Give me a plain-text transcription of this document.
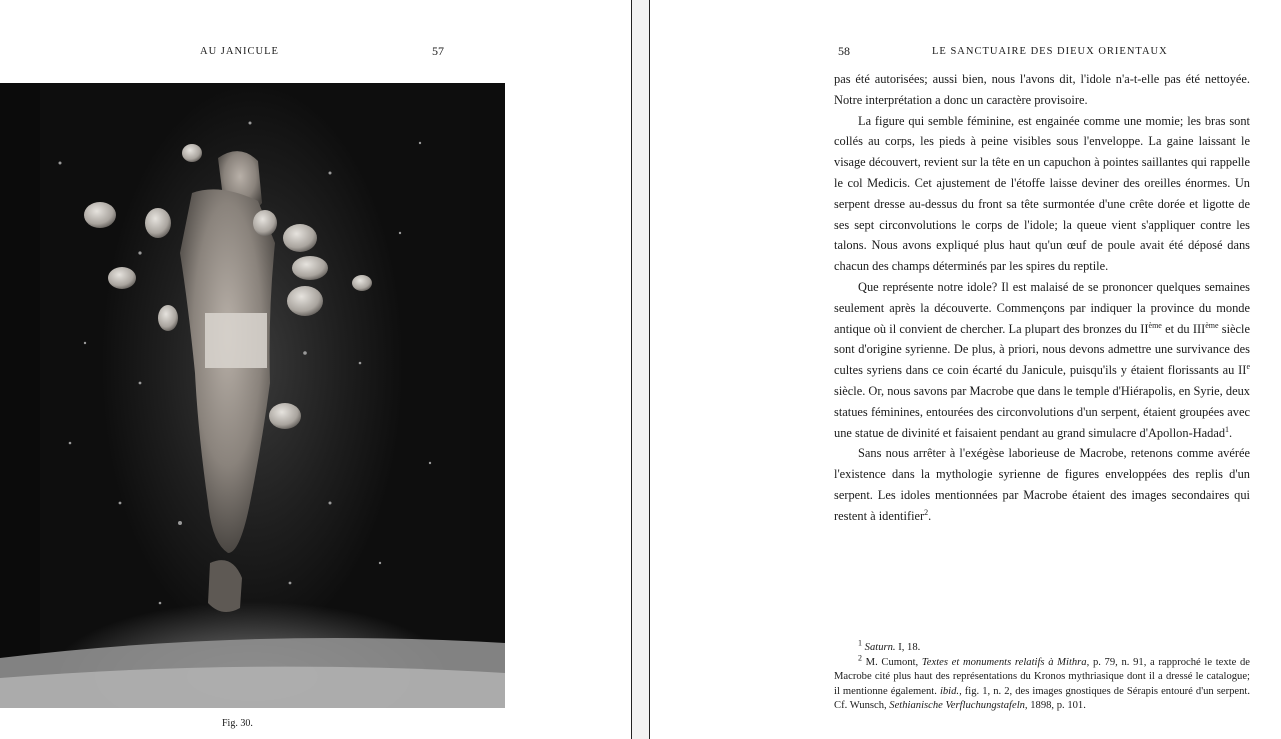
AU JANICULE	57
Fig. 30.
58	LE SANCTUAIRE DES DIEUX ORIENTAUX

pas été autorisées; aussi bien, nous l'avons dit, l'idole n'a-t-elle pas été nettoyée. Notre interprétation a donc un caractère provisoire.

La figure qui semble féminine, est engainée comme une momie; les bras sont collés au corps, les pieds à peine visibles sous l'enveloppe. La gaine laissant le visage découvert, revient sur la tête en un capuchon à pointes saillantes qui rappelle le col Medicis. Cet ajustement de l'étoffe laisse deviner des oreilles énormes. Un serpent dresse au-dessus du front sa tête surmontée d'une crête dorée et ligotte de ses sept circonvolutions le corps de l'idole; la queue vient s'appliquer contre les talons. Nous avons expliqué plus haut qu'un œuf de poule avait été déposé dans chacun des champs déterminés par les spires du reptile.

Que représente notre idole? Il est malaisé de se prononcer quelques semaines seulement après la découverte. Commençons par indiquer la province du monde antique où il convient de chercher. La plupart des bronzes du IIème et du IIIème siècle sont d'origine syrienne. De plus, à priori, nous devons admettre une survivance des cultes syriens dans ce coin écarté du Janicule, puisqu'ils y étaient florissants au IIe siècle. Or, nous savons par Macrobe que dans le temple d'Hiérapolis, en Syrie, deux statues féminines, entourées des circonvolutions d'un serpent, étaient groupées avec une statue de divinité et faisaient pendant au grand simulacre d'Apollon-Hadad$^1$.

Sans nous arrêter à l'exégèse laborieuse de Macrobe, retenons comme avérée l'existence dans la mythologie syrienne de figures enveloppées des replis d'un serpent. Les idoles mentionnées par Macrobe étaient des images secondaires qui restent à identifier$^2$.

$^1$ Saturn. I, 18.

$^2$ M. Cumont, Textes et monuments relatifs à Mithra, p. 79, n. 91, a rapproché le texte de Macrobe cité plus haut des représentations du Kronos mythriasique dont il a dressé le catalogue; il mentionne également. ibid., fig. 1, n. 2, des images gnostiques de Sérapis entouré d'un serpent. Cf. Wunsch, Sethianische Verfluchungstafeln, 1898, p. 101.
